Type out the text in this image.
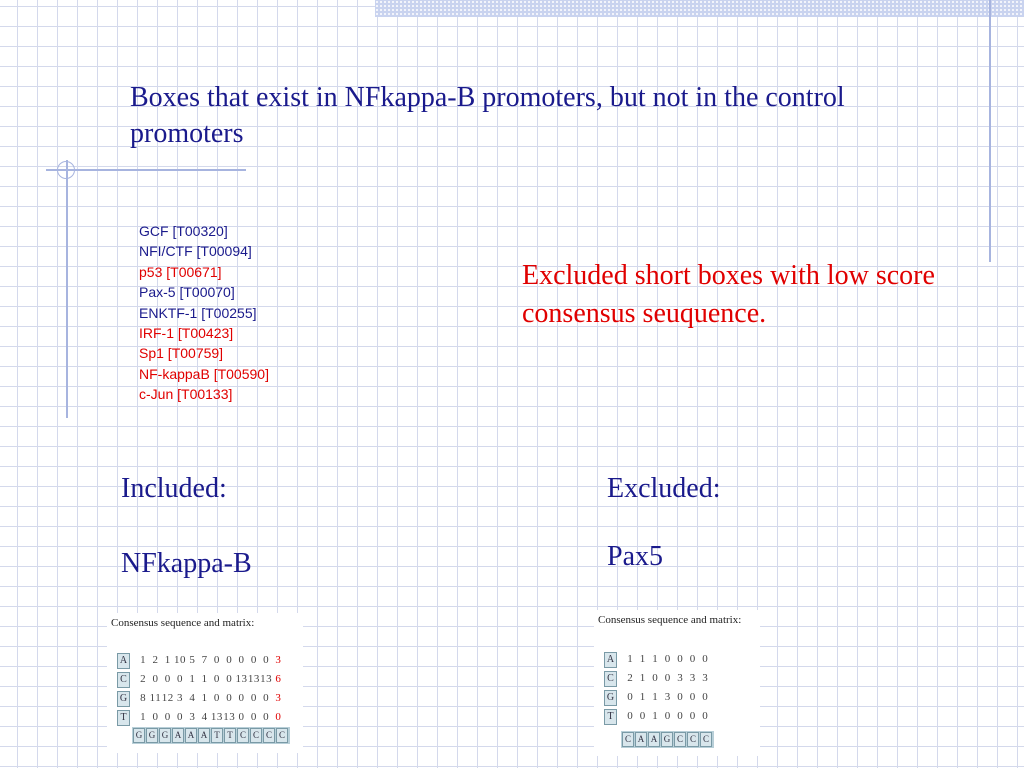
Boxes that exist in NFkappa-B promoters, but not in the control promoters
GCF [T00320]
NFI/CTF [T00094]
p53 [T00671]
Pax-5 [T00070]
ENKTF-1 [T00255]
IRF-1 [T00423]
Sp1 [T00759]
NF-kappaB [T00590]
c-Jun [T00133]
Excluded short boxes with low score consensus seuquence.
Included:
NFkappa-B
Excluded:
Pax5
Consensus sequence and matrix:
A
C
G
T
1 2 1 10 5 7 0 0 0 0 0 3
2 0 0 0 1 1 0 0 131313 6
8 1112 3 4 1 0 0 0 0 0 3
1 0 0 0 3 4 1313 0 0 0 0
G G G A A A T T C C C C
Consensus sequence and matrix:
A
C
G
T
1 1 1 0 0 0 0
2 1 0 0 3 3 3
0 1 1 3 0 0 0
0 0 1 0 0 0 0
C A A G C C C
